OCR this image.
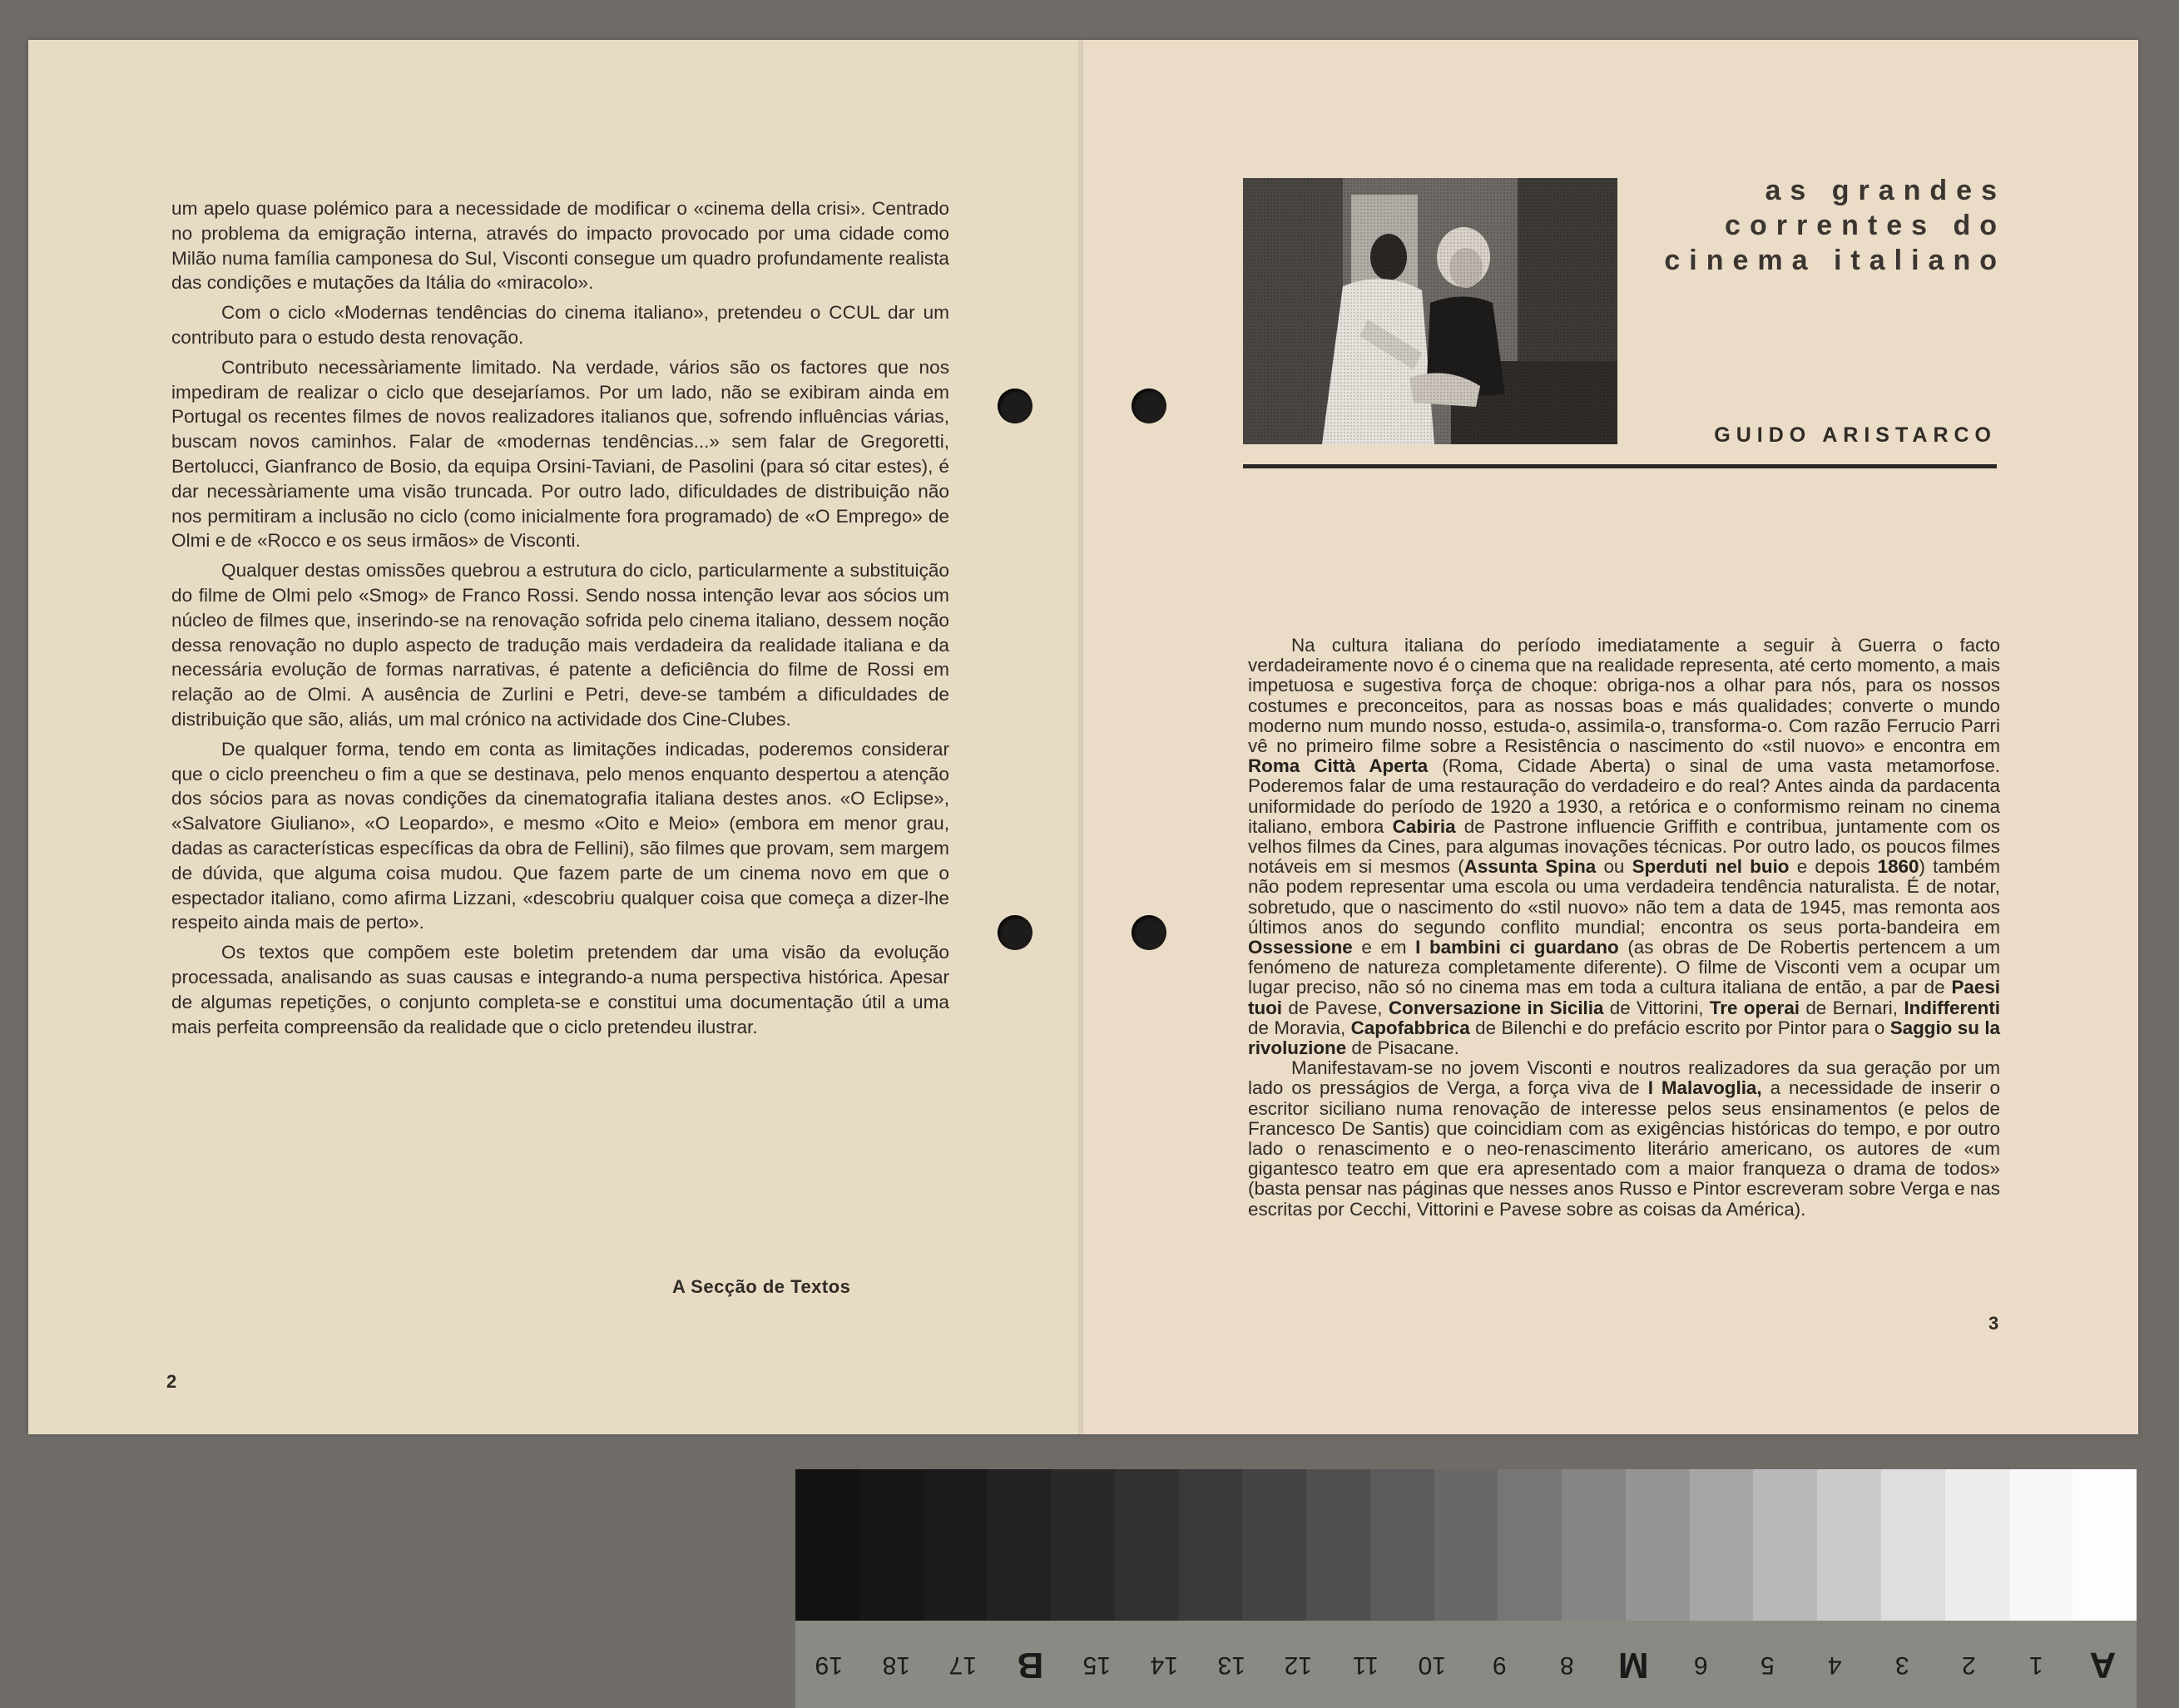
um apelo quase polémico para a necessidade de modificar o «cinema della crisi». Centrado no problema da emigração interna, através do impacto provocado por uma cidade como Milão numa família camponesa do Sul, Visconti consegue um quadro profundamente realista das condições e mutações da Itália do «miracolo».

Com o ciclo «Modernas tendências do cinema italiano», pretendeu o CCUL dar um contributo para o estudo desta renovação.

Contributo necessàriamente limitado. Na verdade, vários são os factores que nos impediram de realizar o ciclo que desejaríamos. Por um lado, não se exibiram ainda em Portugal os recentes filmes de novos realizadores italianos que, sofrendo influências várias, buscam novos caminhos. Falar de «modernas tendências...» sem falar de Gregoretti, Bertolucci, Gianfranco de Bosio, da equipa Orsini-Taviani, de Pasolini (para só citar estes), é dar necessàriamente uma visão truncada. Por outro lado, dificuldades de distribuição não nos permitiram a inclusão no ciclo (como inicialmente fora programado) de «O Emprego» de Olmi e de «Rocco e os seus irmãos» de Visconti.

Qualquer destas omissões quebrou a estrutura do ciclo, particularmente a substituição do filme de Olmi pelo «Smog» de Franco Rossi. Sendo nossa intenção levar aos sócios um núcleo de filmes que, inserindo-se na renovação sofrida pelo cinema italiano, dessem noção dessa renovação no duplo aspecto de tradução mais verdadeira da realidade italiana e da necessária evolução de formas narrativas, é patente a deficiência do filme de Rossi em relação ao de Olmi. A ausência de Zurlini e Petri, deve-se também a dificuldades de distribuição que são, aliás, um mal crónico na actividade dos Cine-Clubes.

De qualquer forma, tendo em conta as limitações indicadas, poderemos considerar que o ciclo preencheu o fim a que se destinava, pelo menos enquanto despertou a atenção dos sócios para as novas condições da cinematografia italiana destes anos. «O Eclipse», «Salvatore Giuliano», «O Leopardo», e mesmo «Oito e Meio» (embora em menor grau, dadas as características específicas da obra de Fellini), são filmes que provam, sem margem de dúvida, que alguma coisa mudou. Que fazem parte de um cinema novo em que o espectador italiano, como afirma Lizzani, «descobriu qualquer coisa que começa a dizer-lhe respeito ainda mais de perto».

Os textos que compõem este boletim pretendem dar uma visão da evolução processada, analisando as suas causas e integrando-a numa perspectiva histórica. Apesar de algumas repetições, o conjunto completa-se e constitui uma documentação útil a uma mais perfeita compreensão da realidade que o ciclo pretendeu ilustrar.

A Secção de Textos
2
as grandes
correntes do
cinema italiano
GUIDO ARISTARCO

Na cultura italiana do período imediatamente a seguir à Guerra o facto verdadeiramente novo é o cinema que na realidade representa, até certo momento, a mais impetuosa e sugestiva força de choque: obriga-nos a olhar para nós, para os nossos costumes e preconceitos, para as nossas boas e más qualidades; converte o mundo moderno num mundo nosso, estuda-o, assimila-o, transforma-o. Com razão Ferrucio Parri vê no primeiro filme sobre a Resistência o nascimento do «stil nuovo» e encontra em Roma Città Aperta (Roma, Cidade Aberta) o sinal de uma vasta metamorfose. Poderemos falar de uma restauração do verdadeiro e do real? Antes ainda da pardacenta uniformidade do período de 1920 a 1930, a retórica e o conformismo reinam no cinema italiano, embora Cabiria de Pastrone influencie Griffith e contribua, juntamente com os velhos filmes da Cines, para algumas inovações técnicas. Por outro lado, os poucos filmes notáveis em si mesmos (Assunta Spina ou Sperduti nel buio e depois 1860) também não podem representar uma escola ou uma verdadeira tendência naturalista. É de notar, sobretudo, que o nascimento do «stil nuovo» não tem a data de 1945, mas remonta aos últimos anos do segundo conflito mundial; encontra os seus porta-bandeira em Ossessione e em I bambini ci guardano (as obras de De Robertis pertencem a um fenómeno de natureza completamente diferente). O filme de Visconti vem a ocupar um lugar preciso, não só no cinema mas em toda a cultura italiana de então, a par de Paesi tuoi de Pavese, Conversazione in Sicilia de Vittorini, Tre operai de Bernari, Indifferenti de Moravia, Capofabbrica de Bilenchi e do prefácio escrito por Pintor para o Saggio su la rivoluzione de Pisacane.

Manifestavam-se no jovem Visconti e noutros realizadores da sua geração por um lado os presságios de Verga, a força viva de I Malavoglia, a necessidade de inserir o escritor siciliano numa renovação de interesse pelos seus ensinamentos (e pelos de Francesco De Santis) que coincidiam com as exigências históricas do tempo, e por outro lado o renascimento e o neo-renascimento literário americano, os autores de «um gigantesco teatro em que era apresentado com a maior franqueza o drama de todos» (basta pensar nas páginas que nesses anos Russo e Pintor escreveram sobre Verga e nas escritas por Cecchi, Vittorini e Pavese sobre as coisas da América).

3
19	18	17	B	15	14	13	12	11	10	9	8	M	6	5	4	3	2	1	A
